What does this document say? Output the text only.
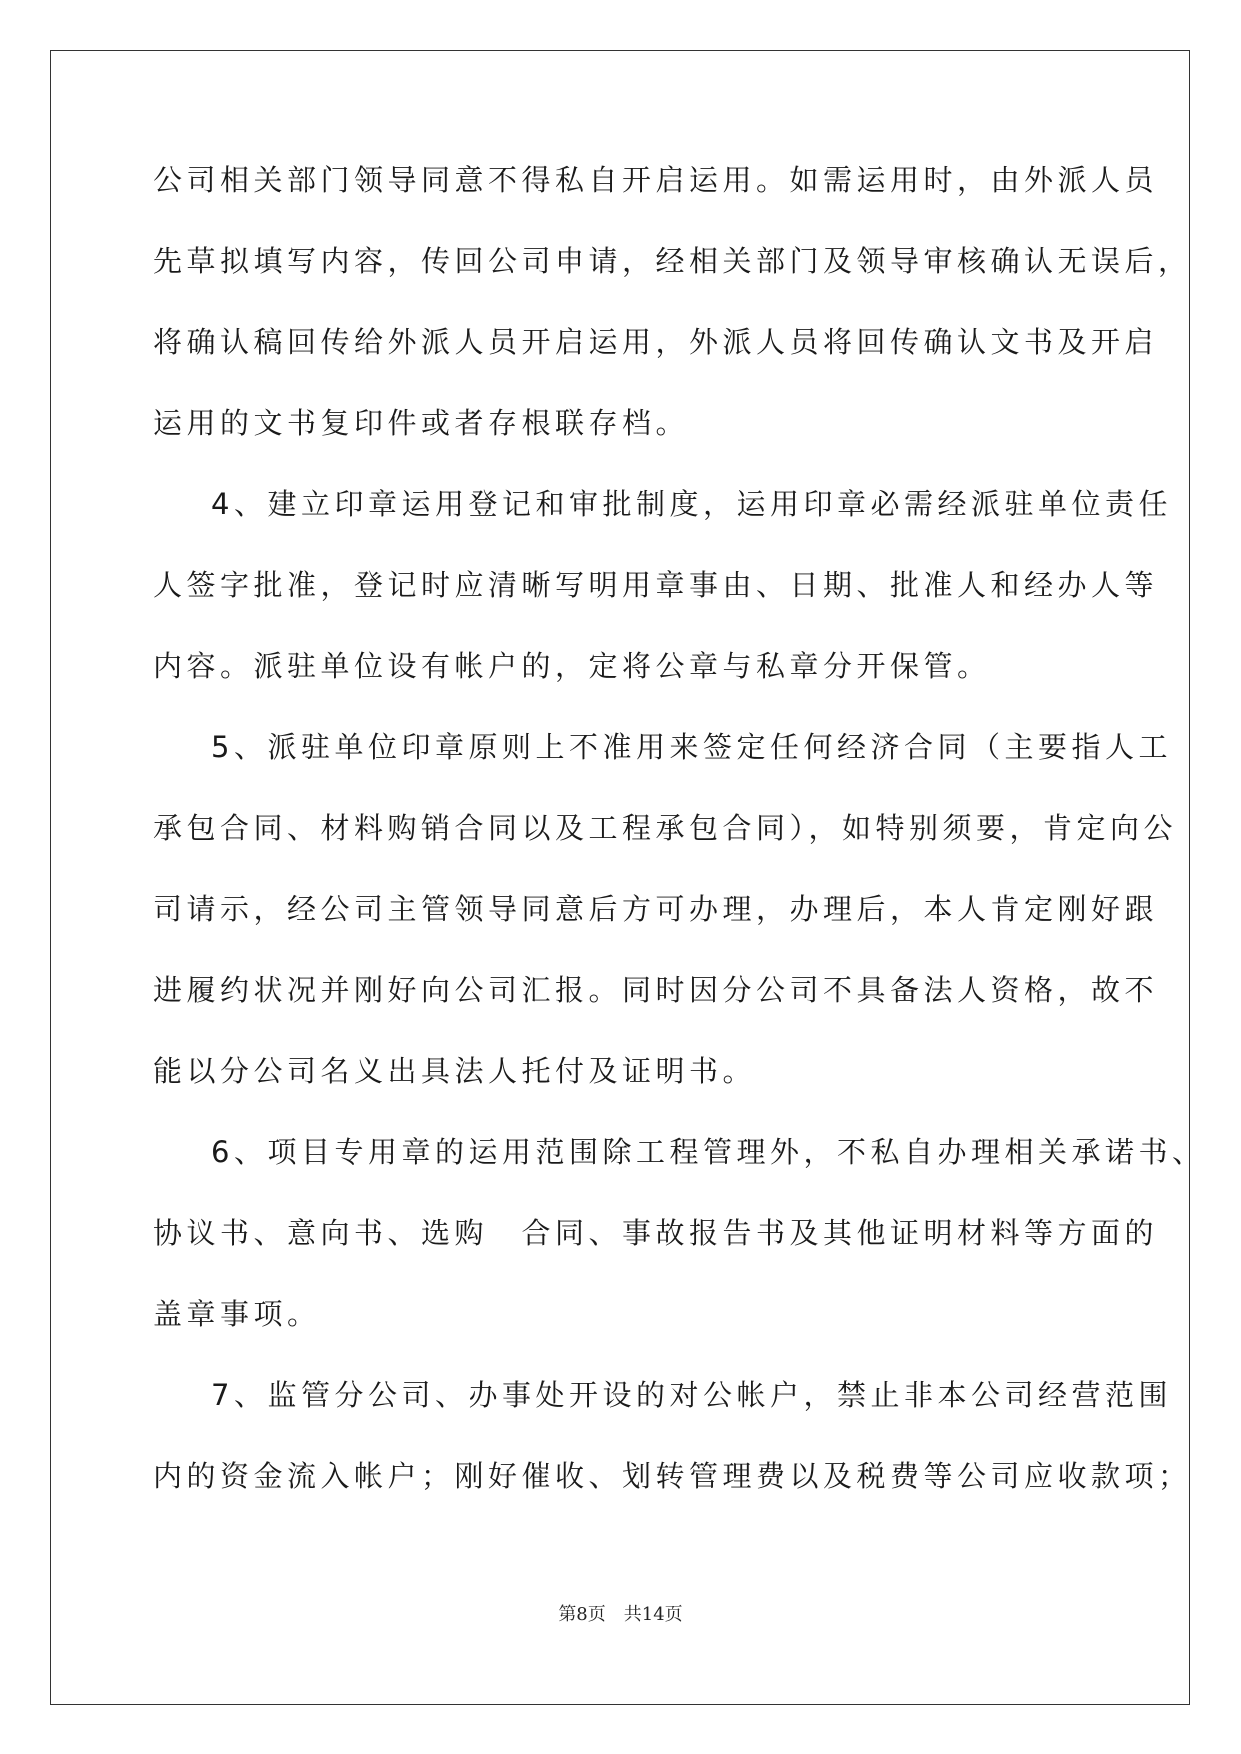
公司相关部门领导同意不得私自开启运用。如需运用时，由外派人员
先草拟填写内容，传回公司申请，经相关部门及领导审核确认无误后，
将确认稿回传给外派人员开启运用，外派人员将回传确认文书及开启
运用的文书复印件或者存根联存档。
4、建立印章运用登记和审批制度，运用印章必需经派驻单位责任
人签字批准，登记时应清晰写明用章事由、日期、批准人和经办人等
内容。派驻单位设有帐户的，定将公章与私章分开保管。
5、派驻单位印章原则上不准用来签定任何经济合同（主要指人工
承包合同、材料购销合同以及工程承包合同），如特别须要，肯定向公
司请示，经公司主管领导同意后方可办理，办理后，本人肯定刚好跟
进履约状况并刚好向公司汇报。同时因分公司不具备法人资格，故不
能以分公司名义出具法人托付及证明书。
6、项目专用章的运用范围除工程管理外，不私自办理相关承诺书、
协议书、意向书、选购　合同、事故报告书及其他证明材料等方面的
盖章事项。
7、监管分公司、办事处开设的对公帐户，禁止非本公司经营范围
内的资金流入帐户；刚好催收、划转管理费以及税费等公司应收款项；
第8页 共14页
